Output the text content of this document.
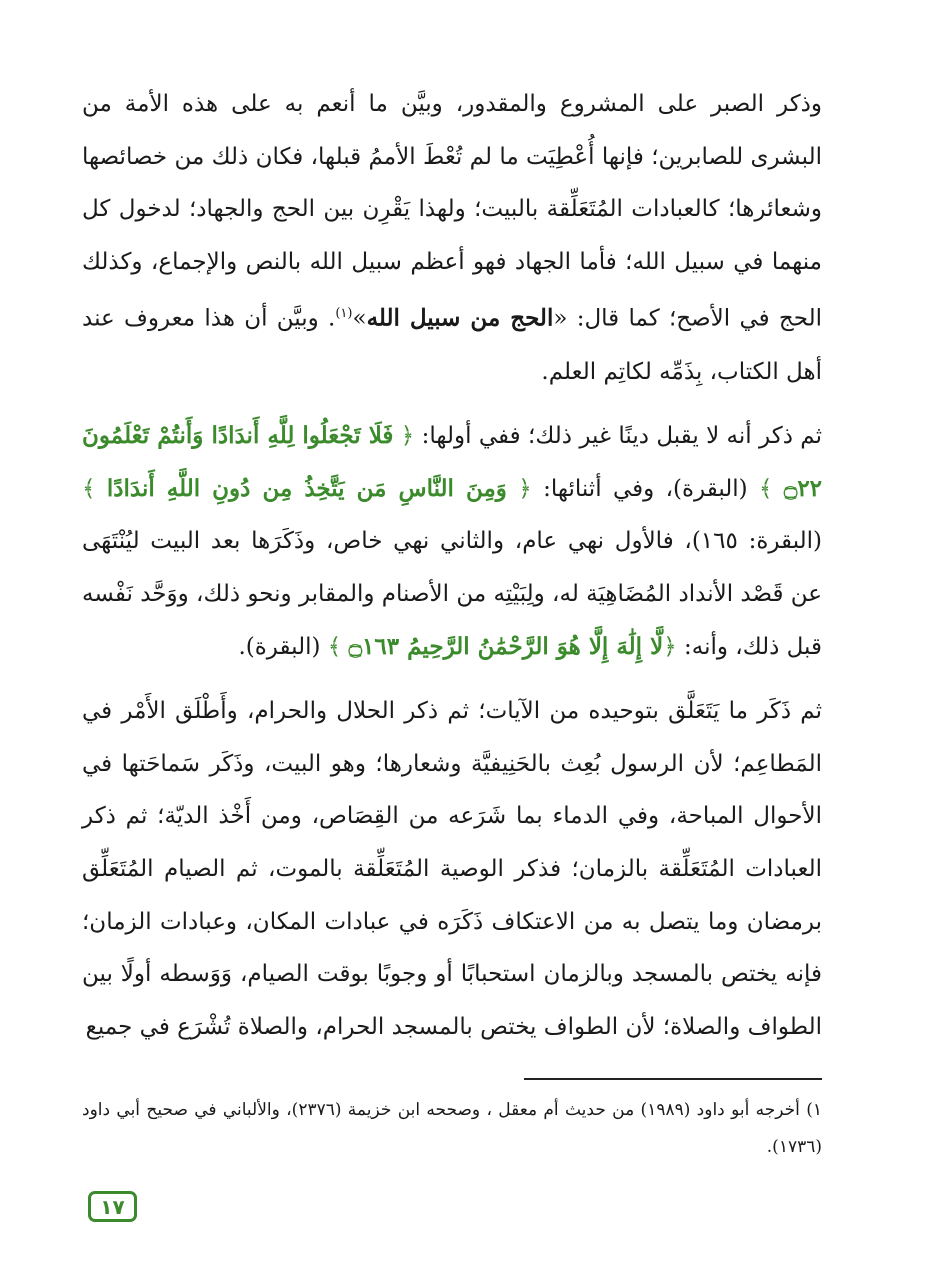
وذكر الصبر على المشروع والمقدور، وبيَّن ما أنعم به على هذه الأمة من البشرى للصابرين؛ فإنها أُعْطِيَت ما لم تُعْطَ الأممُ قبلها، فكان ذلك من خصائصها وشعائرها؛ كالعبادات المُتَعَلِّقة بالبيت؛ ولهذا يَقْرِن بين الحج والجهاد؛ لدخول كل منهما في سبيل الله؛ فأما الجهاد فهو أعظم سبيل الله بالنص والإجماع، وكذلك الحج في الأصح؛ كما قال: «الحج من سبيل الله»$^{(١)}$. وبيَّن أن هذا معروف عند أهل الكتاب، بِذَمِّه لكاتِم العلم.

ثم ذكر أنه لا يقبل دينًا غير ذلك؛ ففي أولها: ﴿ فَلَا تَجْعَلُوا لِلَّهِ أَندَادًا وَأَنتُمْ تَعْلَمُونَ ۝٢٢ ﴾ (البقرة)، وفي أثنائها: ﴿ وَمِنَ النَّاسِ مَن يَتَّخِذُ مِن دُونِ اللَّهِ أَندَادًا ﴾ (البقرة: ١٦٥)، فالأول نهي عام، والثاني نهي خاص، وذَكَرَها بعد البيت ليُنْتَهَى عن قَصْد الأنداد المُضَاهِيَة له، ولِبَيْتِه من الأصنام والمقابر ونحو ذلك، ووَحَّد نَفْسه قبل ذلك، وأنه: ﴿لَّا إِلَٰهَ إِلَّا هُوَ الرَّحْمَٰنُ الرَّحِيمُ ۝١٦٣ ﴾ (البقرة).

ثم ذَكَر ما يَتَعَلَّق بتوحيده من الآيات؛ ثم ذكر الحلال والحرام، وأَطْلَق الأَمْر في المَطاعِم؛ لأن الرسول بُعِث بالحَنِيفيَّة وشعارها؛ وهو البيت، وذَكَر سَماحَتها في الأحوال المباحة، وفي الدماء بما شَرَعه من القِصَاص، ومن أَخْذ الديّة؛ ثم ذكر العبادات المُتَعَلِّقة بالزمان؛ فذكر الوصية المُتَعَلِّقة بالموت، ثم الصيام المُتَعَلِّق برمضان وما يتصل به من الاعتكاف ذَكَرَه في عبادات المكان، وعبادات الزمان؛ فإنه يختص بالمسجد وبالزمان استحبابًا أو وجوبًا بوقت الصيام، وَوَسطه أولًا بين الطواف والصلاة؛ لأن الطواف يختص بالمسجد الحرام، والصلاة تُشْرَع في جميع

١) أخرجه أبو داود (١٩٨٩) من حديث أم معقل ، وصححه ابن خزيمة (٢٣٧٦)، والألباني في صحيح أبي داود (١٧٣٦).
١٧
